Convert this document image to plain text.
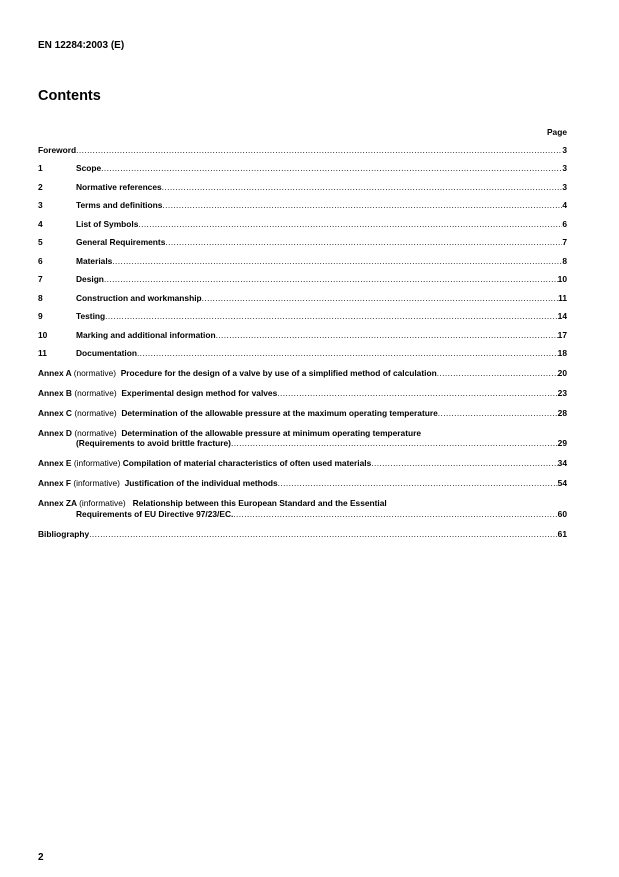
EN 12284:2003 (E)
Contents
Page
Foreword .....	3
1	Scope .....	3
2	Normative references .....	3
3	Terms and definitions .....	4
4	List of Symbols .....	6
5	General Requirements .....	7
6	Materials .....	8
7	Design .....	10
8	Construction and workmanship .....	11
9	Testing .....	14
10	Marking and additional information .....	17
11	Documentation .....	18
Annex A (normative) Procedure for the design of a valve by use of a simplified method of calculation .....	20
Annex B (normative) Experimental design method for valves .....	23
Annex C (normative) Determination of the allowable pressure at the maximum operating temperature .....	28
Annex D (normative) Determination of the allowable pressure at minimum operating temperature
(Requirements to avoid brittle fracture) .....	29
Annex E (informative) Compilation of material characteristics of often used materials .....	34
Annex F (informative) Justification of the individual methods .....	54
Annex ZA (informative) Relationship between this European Standard and the Essential
Requirements of EU Directive 97/23/EC. .....	60
Bibliography .....	61
2
